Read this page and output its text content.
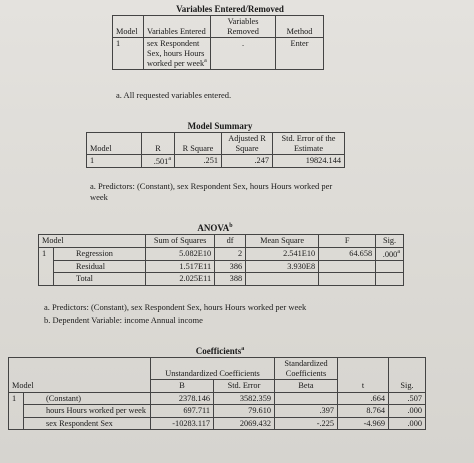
Variables Entered/Removed
Model	Variables Entered	Variables Removed	Method
1	sex Respondent
Sex, hours Hours
worked per week$^a$	.	Enter
a. All requested variables entered.
Model Summary
Model	R	R Square	Adjusted R Square	Std. Error of the Estimate
1	.501$^a$	.251	.247	19824.144
a. Predictors: (Constant), sex Respondent Sex, hours Hours worked per
week
ANOVA$^b$
Model		Sum of Squares	df	Mean Square	F	Sig.
1	Regression	5.082E10	2	2.541E10	64.658	.000$^a$
	Residual	1.517E11	386	3.930E8		
	Total	2.025E11	388			
a. Predictors: (Constant), sex Respondent Sex, hours Hours worked per week
b. Dependent Variable: income Annual income
Coefficients$^a$
Model		Unstandardized Coefficients		Standardized Coefficients	t	Sig.
		B	Std. Error	Beta		
1	(Constant)	2378.146	3582.359		.664	.507
	hours Hours worked per week	697.711	79.610	.397	8.764	.000
	sex Respondent Sex	-10283.117	2069.432	-.225	-4.969	.000
